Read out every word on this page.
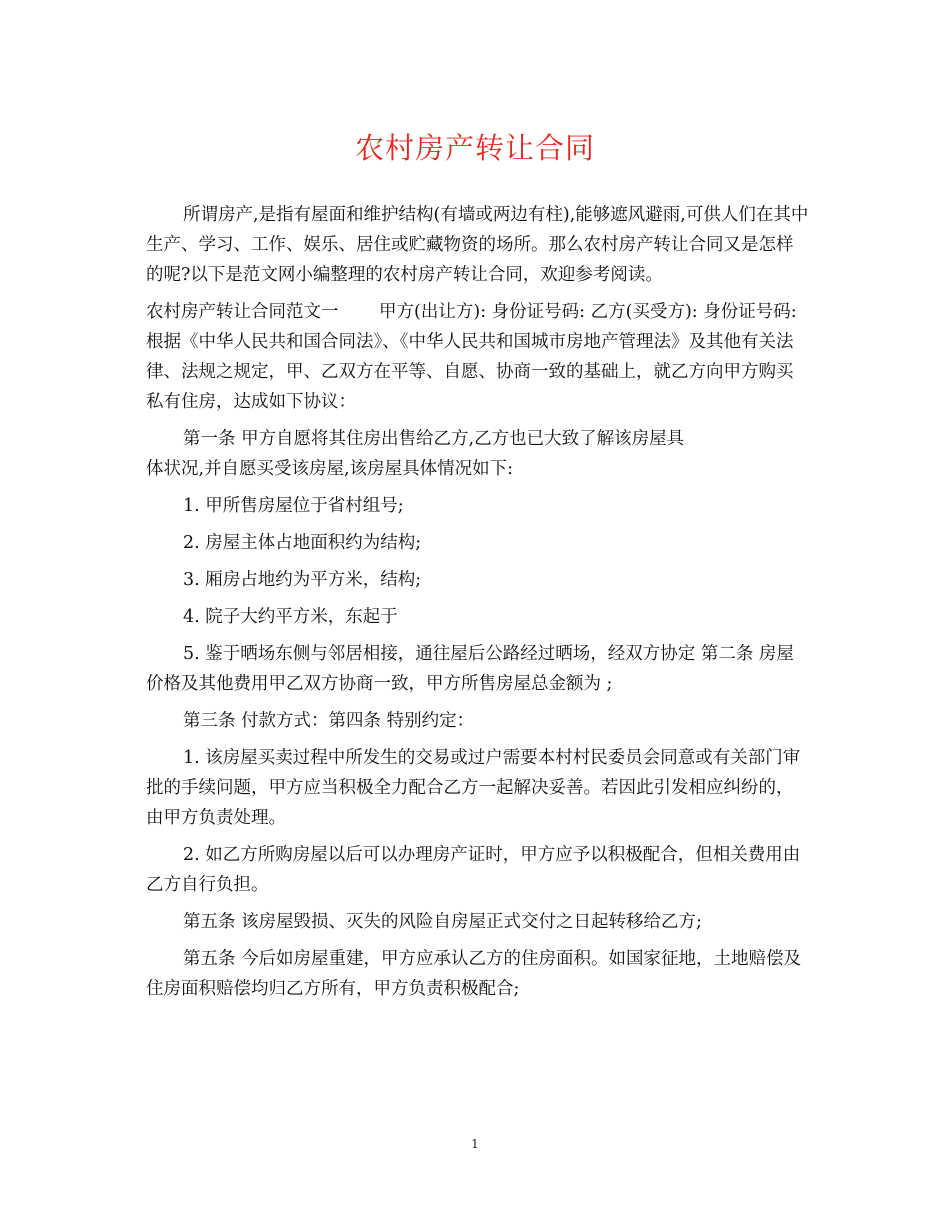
农村房产转让合同

所谓房产,是指有屋面和维护结构(有墙或两边有柱),能够遮风避雨,可供人们在其中生产、学习、工作、娱乐、居住或贮藏物资的场所。那么农村房产转让合同又是怎样的呢?以下是范文网小编整理的农村房产转让合同，欢迎参考阅读。

农村房产转让合同范文一　　 甲方(出让方): 身份证号码: 乙方(买受方): 身份证号码: 根据《中华人民共和国合同法》、《中华人民共和国城市房地产管理法》及其他有关法律、法规之规定，甲、乙双方在平等、自愿、协商一致的基础上，就乙方向甲方购买私有住房，达成如下协议：

第一条 甲方自愿将其住房出售给乙方,乙方也已大致了解该房屋具

体状况,并自愿买受该房屋,该房屋具体情况如下:

1. 甲所售房屋位于省村组号;

2. 房屋主体占地面积约为结构;

3. 厢房占地约为平方米，结构;

4. 院子大约平方米，东起于

5. 鉴于晒场东侧与邻居相接，通往屋后公路经过晒场，经双方协定 第二条 房屋价格及其他费用甲乙双方协商一致，甲方所售房屋总金额为 ;

第三条 付款方式：第四条 特别约定：

1. 该房屋买卖过程中所发生的交易或过户需要本村村民委员会同意或有关部门审批的手续问题，甲方应当积极全力配合乙方一起解决妥善。若因此引发相应纠纷的，由甲方负责处理。

2. 如乙方所购房屋以后可以办理房产证时，甲方应予以积极配合，但相关费用由乙方自行负担。

第五条 该房屋毁损、灭失的风险自房屋正式交付之日起转移给乙方;

第五条 今后如房屋重建，甲方应承认乙方的住房面积。如国家征地，土地赔偿及住房面积赔偿均归乙方所有，甲方负责积极配合;

1
